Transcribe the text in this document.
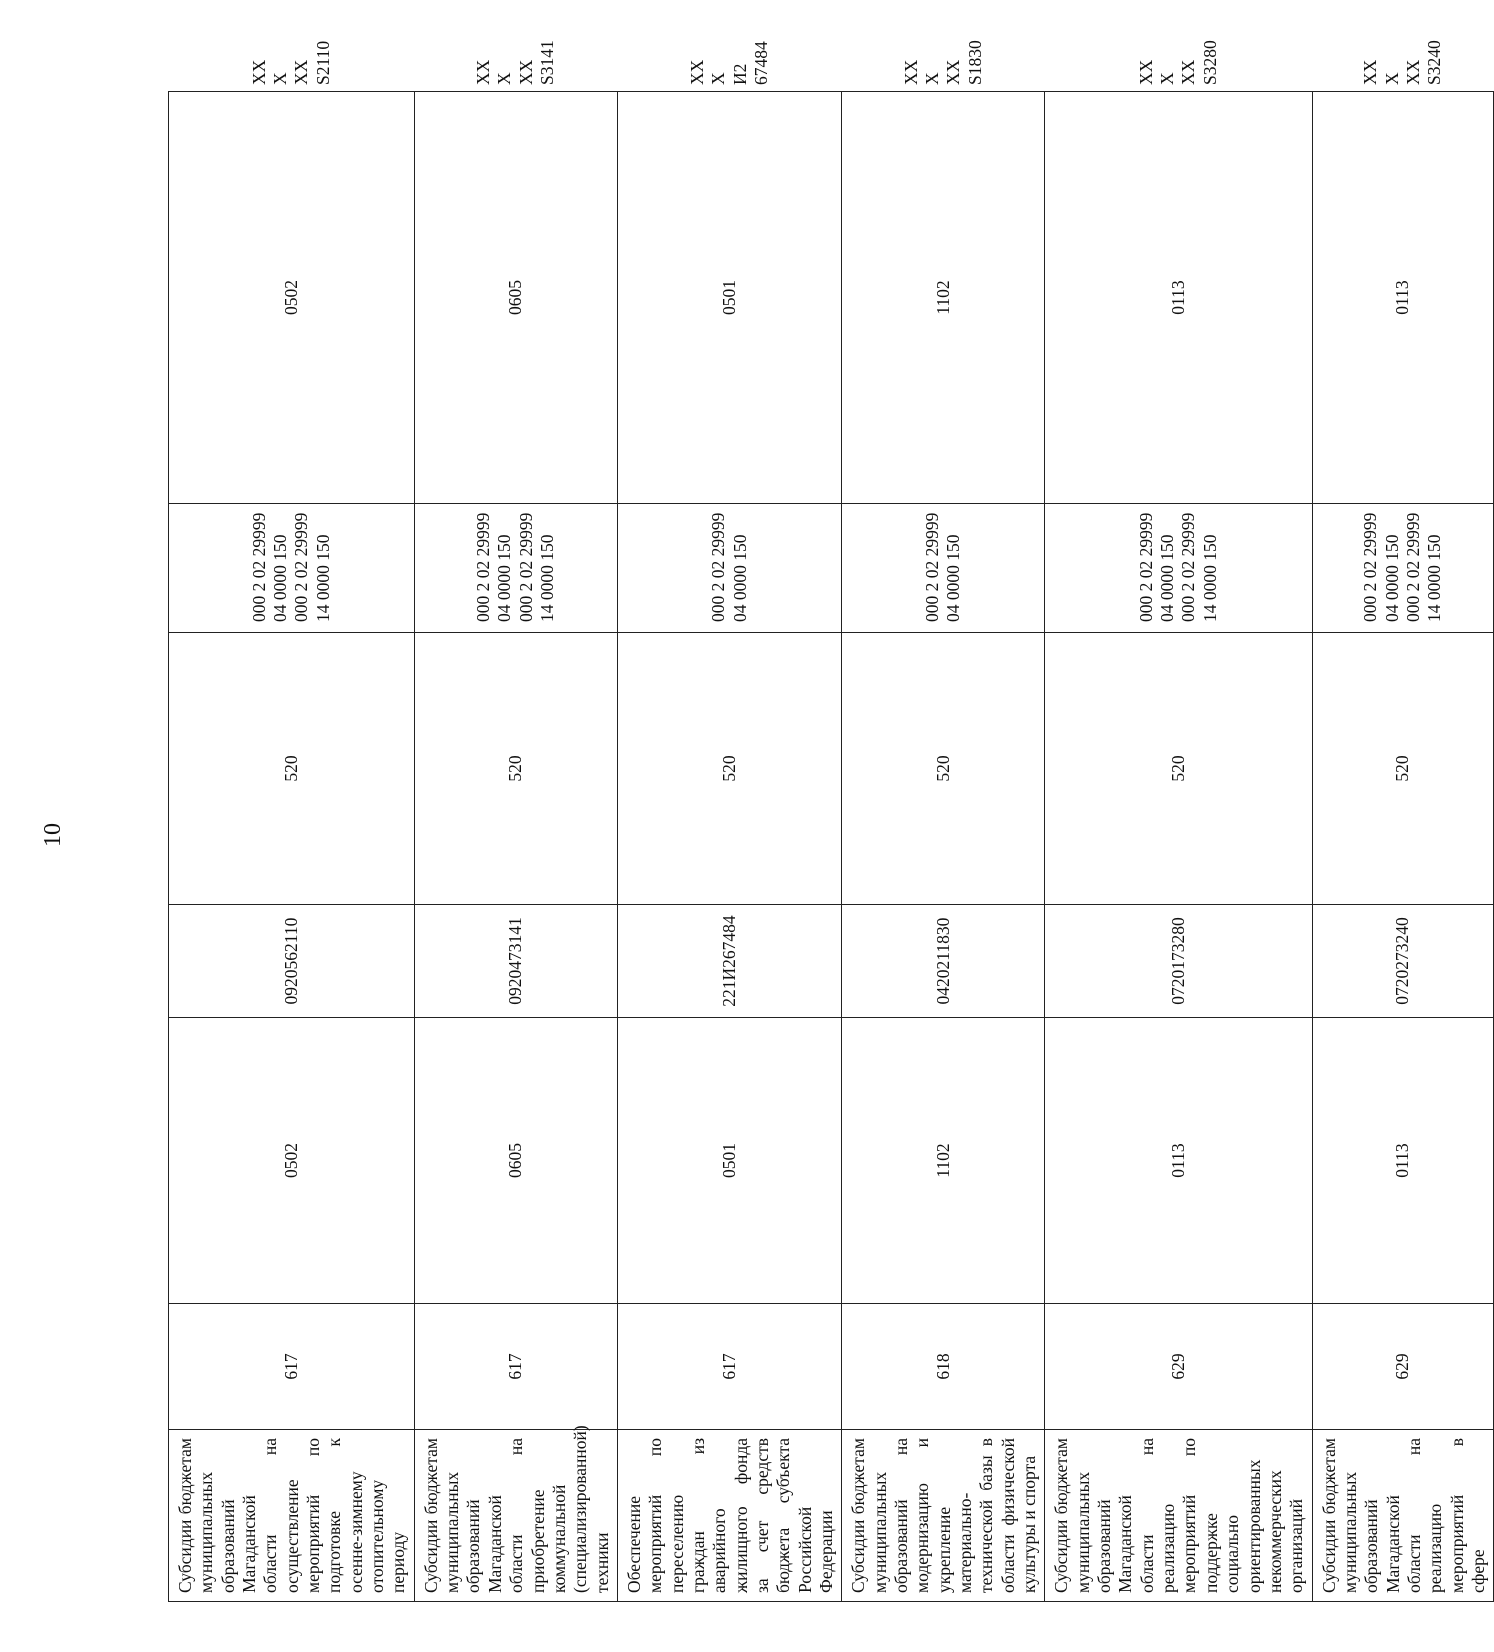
10
Субсидии бюджетам муниципальных образований Магаданской области на осуществление мероприятий по подготовке к осенне-зимнему отопительному периоду	617	0502	0920562110	520	000 2 02 29999 04 0000 150 000 2 02 29999 14 0000 150	0502	XX X XX S2110
Субсидии бюджетам муниципальных образований Магаданской области на приобретение коммунальной (специализированной) техники	617	0605	0920473141	520	000 2 02 29999 04 0000 150 000 2 02 29999 14 0000 150	0605	XX X XX S3141
Обеспечение мероприятий по переселению граждан из аварийного жилищного фонда за счет средств бюджета субъекта Российской Федерации	617	0501	221И267484	520	000 2 02 29999 04 0000 150	0501	XX X И2 67484
Субсидии бюджетам муниципальных образований на модернизацию и укрепление материально-технической базы в области физической культуры и спорта	618	1102	0420211830	520	000 2 02 29999 04 0000 150	1102	XX X XX S1830
Субсидии бюджетам муниципальных образований Магаданской области на реализацию мероприятий по поддержке социально ориентированных некоммерческих организаций	629	0113	0720173280	520	000 2 02 29999 04 0000 150 000 2 02 29999 14 0000 150	0113	XX X XX S3280
Субсидии бюджетам муниципальных образований Магаданской области на реализацию мероприятий в сфере	629	0113	0720273240	520	000 2 02 29999 04 0000 150 000 2 02 29999 14 0000 150	0113	XX X XX S3240
